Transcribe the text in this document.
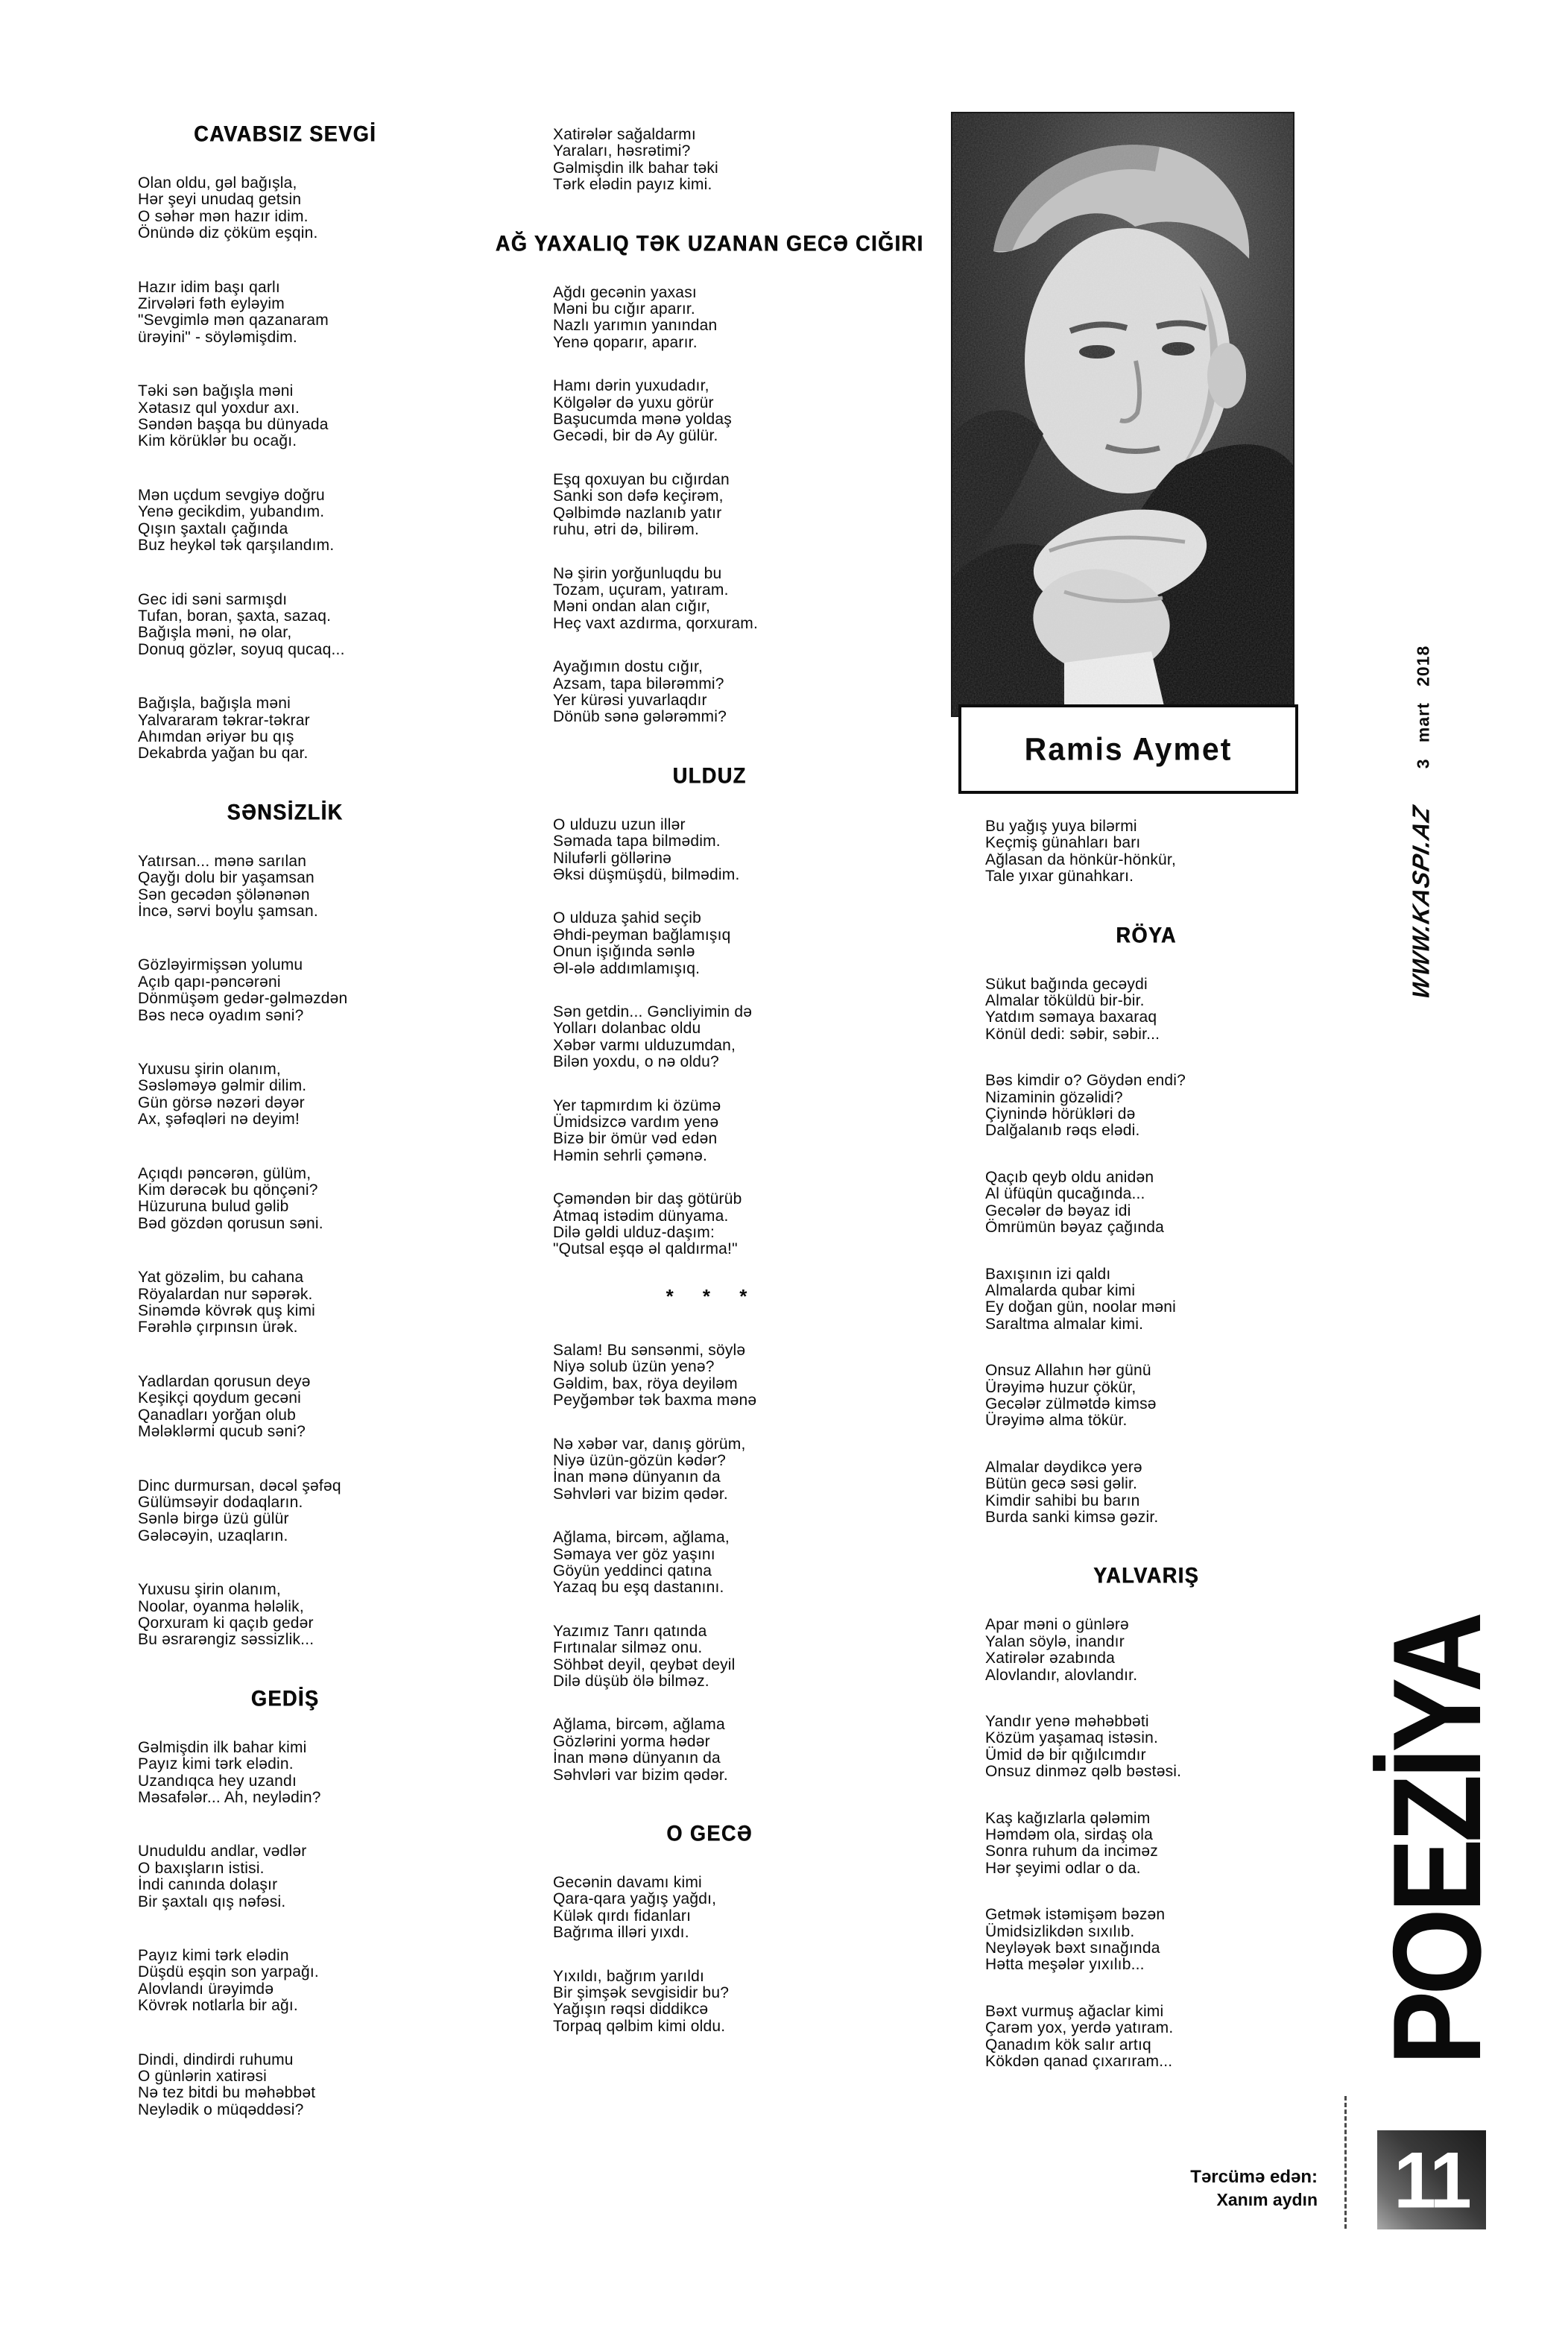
CAVABSIZ SEVGİ
Olan oldu, gəl bağışla,
Hər şeyi unudaq getsin
O səhər mən hazır idim.
Önündə diz çöküm eşqin.
Hazır idim başı qarlı
Zirvələri fəth eyləyim
"Sevgimlə mən qazanaram
ürəyini" - söyləmişdim.
Təki sən bağışla məni
Xətasız qul yoxdur axı.
Səndən başqa bu dünyada
Kim körüklər bu ocağı.
Mən uçdum sevgiyə doğru
Yenə gecikdim, yubandım.
Qışın şaxtalı çağında
Buz heykəl tək qarşılandım.
Gec idi səni sarmışdı
Tufan, boran, şaxta, sazaq.
Bağışla məni, nə olar,
Donuq gözlər, soyuq qucaq...
Bağışla, bağışla məni
Yalvararam təkrar-təkrar
Ahımdan əriyər bu qış
Dekabrda yağan bu qar.
SƏNSİZLİK
Yatırsan... mənə sarılan
Qayğı dolu bir yaşamsan
Sən gecədən şölənənən
İncə, sərvi boylu şamsan.
Gözləyirmişsən yolumu
Açıb qapı-pəncərəni
Dönmüşəm gedər-gəlməzdən
Bəs necə oyadım səni?
Yuxusu şirin olanım,
Səsləməyə gəlmir dilim.
Gün görsə nəzəri dəyər
Ax, şəfəqləri nə deyim!
Açıqdı pəncərən, gülüm,
Kim dərəcək bu qönçəni?
Hüzuruna bulud gəlib
Bəd gözdən qorusun səni.
Yat gözəlim, bu cahana
Röyalardan nur səpərək.
Sinəmdə kövrək quş kimi
Fərəhlə çırpınsın ürək.
Yadlardan qorusun deyə
Keşikçi qoydum gecəni
Qanadları yorğan olub
Mələklərmi qucub səni?
Dinc durmursan, dəcəl şəfəq
Gülümsəyir dodaqların.
Sənlə birgə üzü gülür
Gələcəyin, uzaqların.
Yuxusu şirin olanım,
Noolar, oyanma hələlik,
Qorxuram ki qaçıb gedər
Bu əsrarəngiz səssizlik...
GEDİŞ
Gəlmişdin ilk bahar kimi
Payız kimi tərk elədin.
Uzandıqca hey uzandı
Məsafələr... Ah, neylədin?
Unuduldu andlar, vədlər
O baxışların istisi.
İndi canında dolaşır
Bir şaxtalı qış nəfəsi.
Payız kimi tərk elədin
Düşdü eşqin son yarpağı.
Alovlandı ürəyimdə
Kövrək notlarla bir ağı.
Dindi, dindirdi ruhumu
O günlərin xatirəsi
Nə tez bitdi bu məhəbbət
Neylədik o müqəddəsi?
Xatirələr sağaldarmı
Yaraları, həsrətimi?
Gəlmişdin ilk bahar təki
Tərk elədin payız kimi.
AĞ YAXALIQ TƏK UZANAN GECƏ CIĞIRI
Ağdı gecənin yaxası
Məni bu cığır aparır.
Nazlı yarımın yanından
Yenə qoparır, aparır.
Hamı dərin yuxudadır,
Kölgələr də yuxu görür
Başucumda mənə yoldaş
Gecədi, bir də Ay gülür.
Eşq qoxuyan bu cığırdan
Sanki son dəfə keçirəm,
Qəlbimdə nazlanıb yatır
ruhu, ətri də, bilirəm.
Nə şirin yorğunluqdu bu
Tozam, uçuram, yatıram.
Məni ondan alan cığır,
Heç vaxt azdırma, qorxuram.
Ayağımın dostu cığır,
Azsam, tapa bilərəmmi?
Yer kürəsi yuvarlaqdır
Dönüb sənə gələrəmmi?
ULDUZ
O ulduzu uzun illər
Səmada tapa bilmədim.
Nilufərli göllərinə
Əksi düşmüşdü, bilmədim.
O ulduza şahid seçib
Əhdi-peyman bağlamışıq
Onun işığında sənlə
Əl-ələ addımlamışıq.
Sən getdin... Gəncliyimin də
Yolları dolanbac oldu
Xəbər varmı ulduzumdan,
Bilən yoxdu, o nə oldu?
Yer tapmırdım ki özümə
Ümidsizcə vardım yenə
Bizə bir ömür vəd edən
Həmin sehrli çəmənə.
Çəməndən bir daş götürüb
Atmaq istədim dünyama.
Dilə gəldi ulduz-daşım:
"Qutsal eşqə əl qaldırma!"
* * *
Salam! Bu sənsənmi, söylə
Niyə solub üzün yenə?
Gəldim, bax, röya deyiləm
Peyğəmbər tək baxma mənə
Nə xəbər var, danış görüm,
Niyə üzün-gözün kədər?
İnan mənə dünyanın da
Səhvləri var bizim qədər.
Ağlama, bircəm, ağlama,
Səmaya ver göz yaşını
Göyün yeddinci qatına
Yazaq bu eşq dastanını.
Yazımız Tanrı qatında
Fırtınalar silməz onu.
Söhbət deyil, qeybət deyil
Dilə düşüb ölə bilməz.
Ağlama, bircəm, ağlama
Gözlərini yorma hədər
İnan mənə dünyanın da
Səhvləri var bizim qədər.
O GECƏ
Gecənin davamı kimi
Qara-qara yağış yağdı,
Külək qırdı fidanları
Bağrıma illəri yıxdı.
Yıxıldı, bağrım yarıldı
Bir şimşək sevgisidir bu?
Yağışın rəqsi diddikcə
Torpaq qəlbim kimi oldu.
Bu yağış yuya bilərmi
Keçmiş günahları barı
Ağlasan da hönkür-hönkür,
Tale yıxar günahkarı.
RÖYA
Sükut bağında gecəydi
Almalar töküldü bir-bir.
Yatdım səmaya baxaraq
Könül dedi: səbir, səbir...
Bəs kimdir o? Göydən endi?
Nizaminin gözəlidi?
Çiynində hörükləri də
Dalğalanıb rəqs elədi.
Qaçıb qeyb oldu anidən
Al üfüqün qucağında...
Gecələr də bəyaz idi
Ömrümün bəyaz çağında
Baxışının izi qaldı
Almalarda qubar kimi
Ey doğan gün, noolar məni
Saraltma almalar kimi.
Onsuz Allahın hər günü
Ürəyimə huzur çökür,
Gecələr zülmətdə kimsə
Ürəyimə alma tökür.
Almalar dəydikcə yerə
Bütün gecə səsi gəlir.
Kimdir sahibi bu barın
Burda sanki kimsə gəzir.
YALVARIŞ
Apar məni o günlərə
Yalan söylə, inandır
Xatirələr əzabında
Alovlandır, alovlandır.
Yandır yenə məhəbbəti
Közüm yaşamaq istəsin.
Ümid də bir qığılcımdır
Onsuz dinməz qəlb bəstəsi.
Kaş kağızlarla qələmim
Həmdəm ola, sirdaş ola
Sonra ruhum da inciməz
Hər şeyimi odlar o da.
Getmək istəmişəm bəzən
Ümidsizlikdən sıxılıb.
Neyləyək bəxt sınağında
Hətta meşələr yıxılıb...
Bəxt vurmuş ağaclar kimi
Çarəm yox, yerdə yatıram.
Qanadım kök salır artıq
Kökdən qanad çıxarıram...
Ramis Aymet	3 mart 2018
WWW.KASPI.AZ
POEZİYA
11
Tərcümə edən:
Xanım aydın
